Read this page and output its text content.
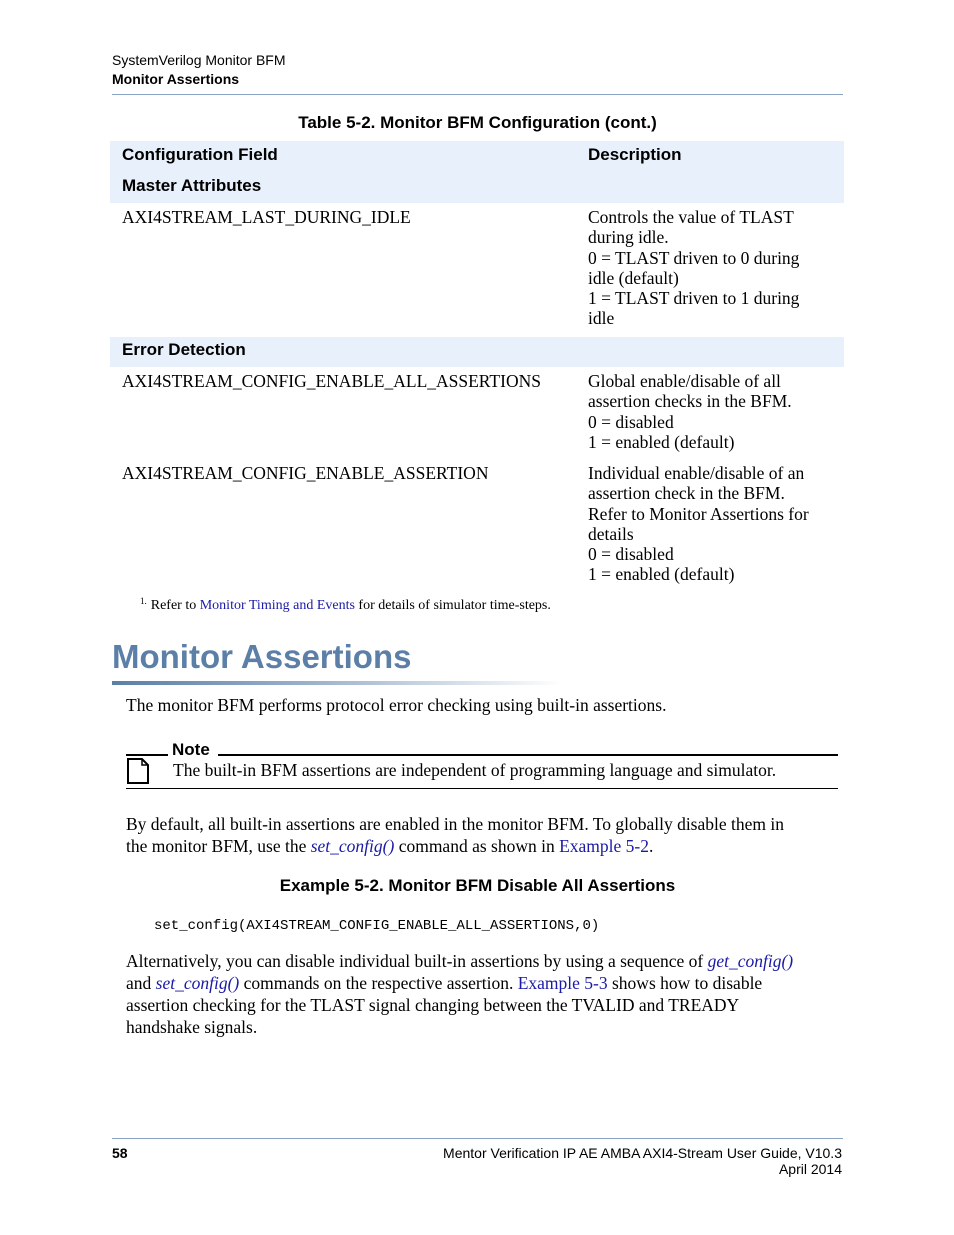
SystemVerilog Monitor BFM
Monitor Assertions
Table 5-2. Monitor BFM Configuration (cont.)
Configuration Field	Description
Master Attributes
AXI4STREAM_LAST_DURING_IDLE	Controls the value of TLAST
during idle.
0 = TLAST driven to 0 during
idle (default)
1 = TLAST driven to 1 during
idle
Error Detection
AXI4STREAM_CONFIG_ENABLE_ALL_ASSERTIONS	Global enable/disable of all
assertion checks in the BFM.
0 = disabled
1 = enabled (default)
AXI4STREAM_CONFIG_ENABLE_ASSERTION	Individual enable/disable of an
assertion check in the BFM.
Refer to Monitor Assertions for
details
0 = disabled
1 = enabled (default)
$^{1.}$ Refer to Monitor Timing and Events for details of simulator time-steps.
Monitor Assertions
The monitor BFM performs protocol error checking using built-in assertions.
Note
The built-in BFM assertions are independent of programming language and simulator.
By default, all built-in assertions are enabled in the monitor BFM. To globally disable them in
the monitor BFM, use the set_config() command as shown in Example 5-2.
Example 5-2. Monitor BFM Disable All Assertions
set_config(AXI4STREAM_CONFIG_ENABLE_ALL_ASSERTIONS,0)
Alternatively, you can disable individual built-in assertions by using a sequence of get_config()
and set_config() commands on the respective assertion. Example 5-3 shows how to disable
assertion checking for the TLAST signal changing between the TVALID and TREADY
handshake signals.
58	Mentor Verification IP AE AMBA AXI4-Stream User Guide, V10.3
April 2014
